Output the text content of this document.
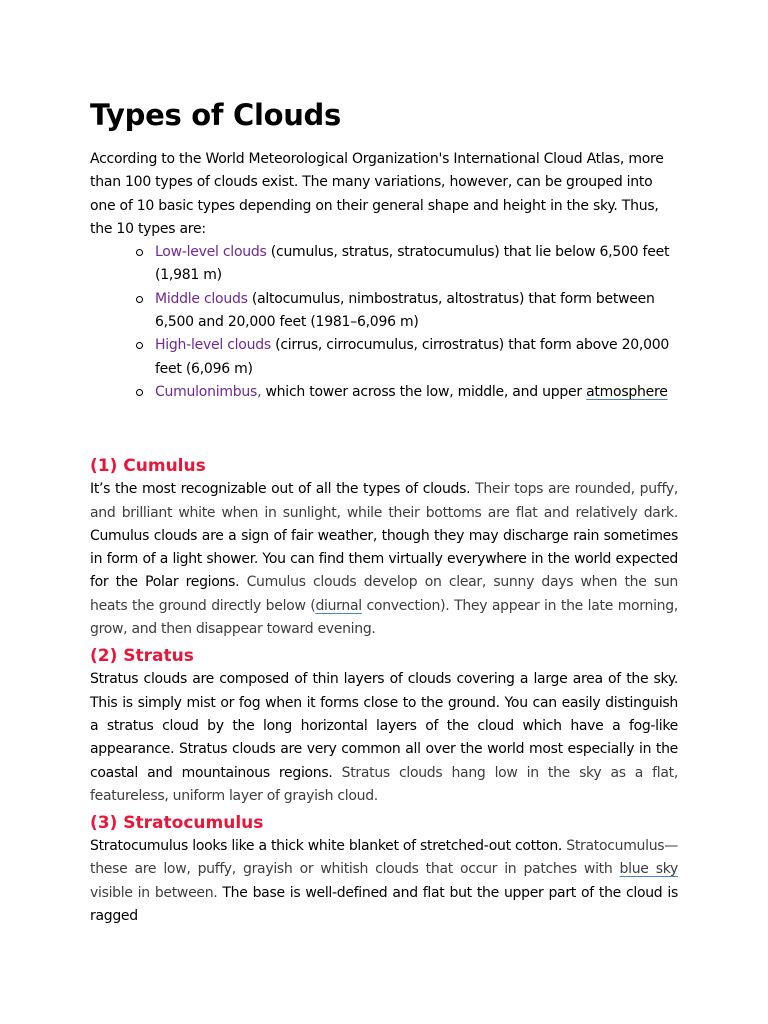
Types of Clouds

According to the World Meteorological Organization's International Cloud Atlas, more than 100 types of clouds exist. The many variations, however, can be grouped into one of 10 basic types depending on their general shape and height in the sky. Thus, the 10 types are:

Low-level clouds (cumulus, stratus, stratocumulus) that lie below 6,500 feet (1,981 m)
Middle clouds (altocumulus, nimbostratus, altostratus) that form between 6,500 and 20,000 feet (1981–6,096 m)
High-level clouds (cirrus, cirrocumulus, cirrostratus) that form above 20,000 feet (6,096 m)
Cumulonimbus, which tower across the low, middle, and upper atmosphere
(1) Cumulus

It’s the most recognizable out of all the types of clouds. Their tops are rounded, puffy, and brilliant white when in sunlight, while their bottoms are flat and relatively dark. Cumulus clouds are a sign of fair weather, though they may discharge rain sometimes in form of a light shower. You can find them virtually everywhere in the world expected for the Polar regions. Cumulus clouds develop on clear, sunny days when the sun heats the ground directly below (diurnal convection). They appear in the late morning, grow, and then disappear toward evening.

(2) Stratus

Stratus clouds are composed of thin layers of clouds covering a large area of the sky. This is simply mist or fog when it forms close to the ground. You can easily distinguish a stratus cloud by the long horizontal layers of the cloud which have a fog-like appearance. Stratus clouds are very common all over the world most especially in the coastal and mountainous regions. Stratus clouds hang low in the sky as a flat, featureless, uniform layer of grayish cloud.

(3) Stratocumulus

Stratocumulus looks like a thick white blanket of stretched-out cotton. Stratocumulus—these are low, puffy, grayish or whitish clouds that occur in patches with blue sky visible in between. The base is well-defined and flat but the upper part of the cloud is ragged
